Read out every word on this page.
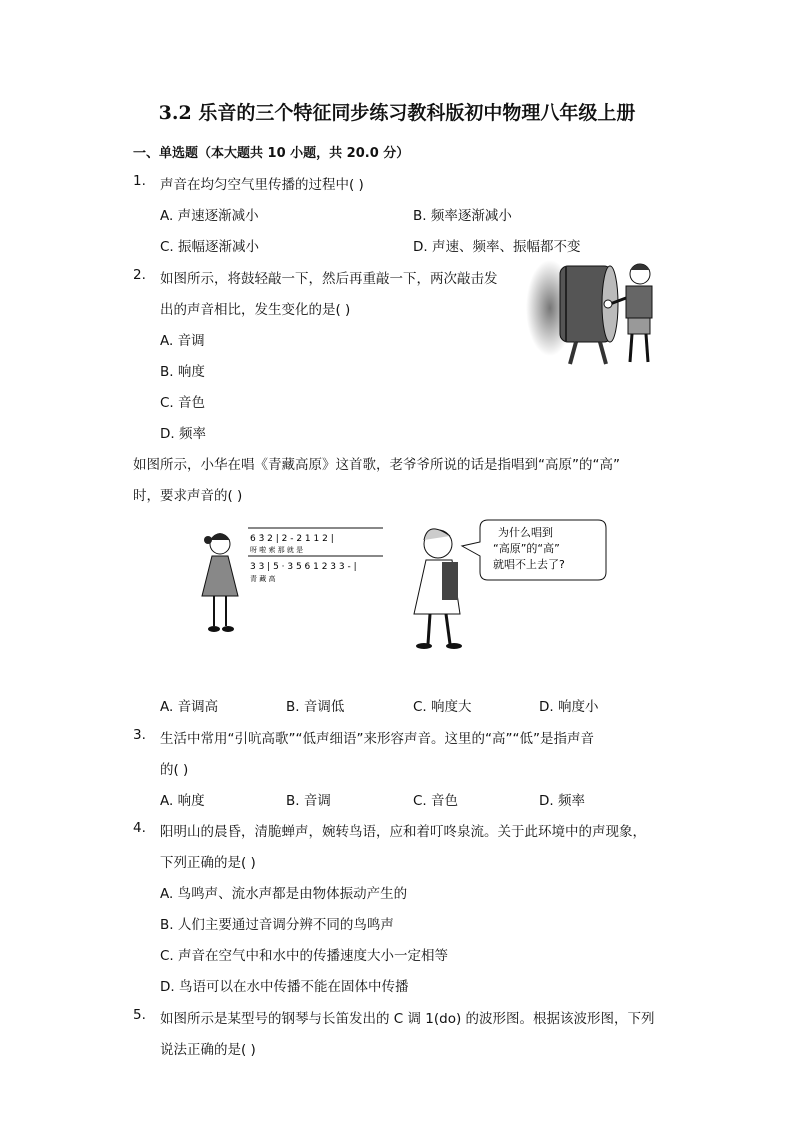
3.2 乐音的三个特征同步练习教科版初中物理八年级上册
一、单选题（本大题共 10 小题，共 20.0 分）
1. 声音在均匀空气里传播的过程中( )
A. 声速逐渐减小	B. 频率逐渐减小
C. 振幅逐渐减小	D. 声速、频率、振幅都不变
2. 如图所示，将鼓轻敲一下，然后再重敲一下，两次敲击发
出的声音相比，发生变化的是( )
A. 音调
B. 响度
C. 音色
D. 频率
如图所示，小华在唱《青藏高原》这首歌，老爷爷所说的话是指唱到“高原”的“高”
时，要求声音的( )
6 3̇ 2 | 2 - 2 1 1 2 |
呀 啦 索 那 就 是
3 3 | 5 · 3 5 6 1 2 3 3 - |
青 藏 高
为什么唱到
“高原”的“高”
就唱不上去了?
A. 音调高	B. 音调低	C. 响度大	D. 响度小
3. 生活中常用“引吭高歌”“低声细语”来形容声音。这里的“高”“低”是指声音
的( )
A. 响度	B. 音调	C. 音色	D. 频率
4. 阳明山的晨昏，清脆蝉声，婉转鸟语，应和着叮咚泉流。关于此环境中的声现象，
下列正确的是( )
A. 鸟鸣声、流水声都是由物体振动产生的
B. 人们主要通过音调分辨不同的鸟鸣声
C. 声音在空气中和水中的传播速度大小一定相等
D. 鸟语可以在水中传播不能在固体中传播
5. 如图所示是某型号的钢琴与长笛发出的 C 调 1(do) 的波形图。根据该波形图，下列
说法正确的是( )
